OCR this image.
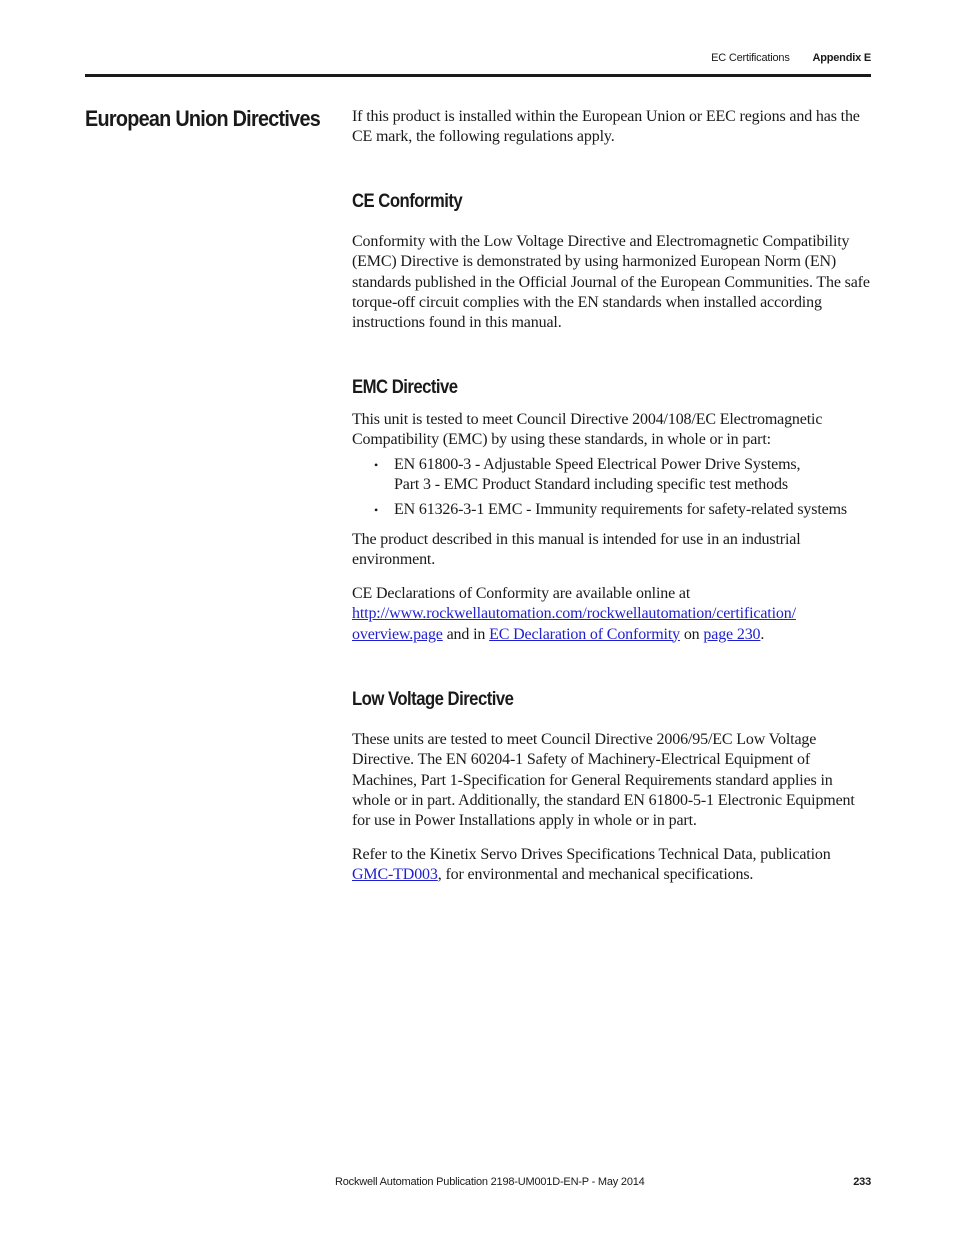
EC Certifications Appendix E
European Union Directives If this product is installed within the European Union or EEC regions and has the CE mark, the following regulations apply.

CE Conformity

Conformity with the Low Voltage Directive and Electromagnetic Compatibility (EMC) Directive is demonstrated by using harmonized European Norm (EN) standards published in the Official Journal of the European Communities. The safe torque-off circuit complies with the EN standards when installed according instructions found in this manual.

EMC Directive

This unit is tested to meet Council Directive 2004/108/EC Electromagnetic Compatibility (EMC) by using these standards, in whole or in part:

• EN 61800-3 - Adjustable Speed Electrical Power Drive Systems,
Part 3 - EMC Product Standard including specific test methods
• EN 61326-3-1 EMC - Immunity requirements for safety-related systems

The product described in this manual is intended for use in an industrial environment.

CE Declarations of Conformity are available online at
http://www.rockwellautomation.com/rockwellautomation/certification/
overview.page and in EC Declaration of Conformity on page 230.

Low Voltage Directive

These units are tested to meet Council Directive 2006/95/EC Low Voltage Directive. The EN 60204-1 Safety of Machinery-Electrical Equipment of Machines, Part 1-Specification for General Requirements standard applies in whole or in part. Additionally, the standard EN 61800-5-1 Electronic Equipment for use in Power Installations apply in whole or in part.

Refer to the Kinetix Servo Drives Specifications Technical Data, publication
GMC-TD003, for environmental and mechanical specifications.

Rockwell Automation Publication 2198-UM001D-EN-P - May 2014	233
